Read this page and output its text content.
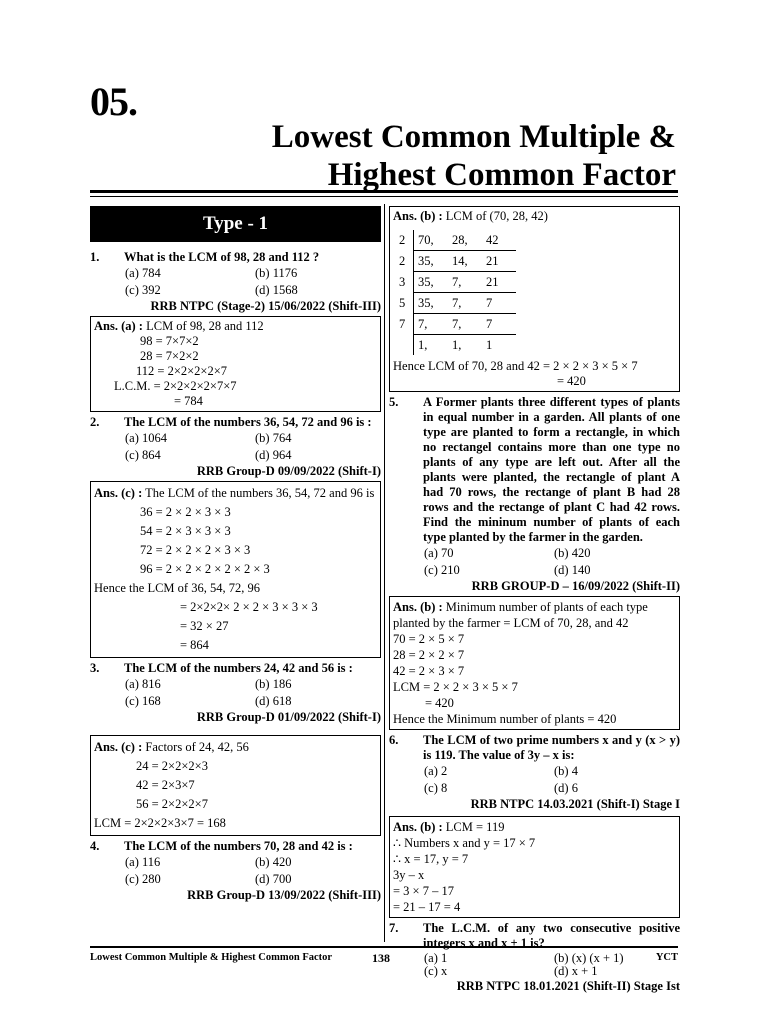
05.
Lowest Common Multiple &
Highest Common Factor
Type - 1
1.	What is the LCM of 98, 28 and 112 ?
(a) 784	(b) 1176
(c) 392	(d) 1568
RRB NTPC (Stage-2) 15/06/2022 (Shift-III)
Ans. (a) : LCM of 98, 28 and 112
98 = 7×7×2
28 = 7×2×2
112 = 2×2×2×2×7
L.C.M. = 2×2×2×2×7×7
= 784
2.	The LCM of the numbers 36, 54, 72 and 96 is :
(a) 1064	(b) 764
(c) 864	(d) 964
RRB Group-D 09/09/2022 (Shift-I)
Ans. (c) : The LCM of the numbers 36, 54, 72 and 96 is
36 = 2 × 2 × 3 × 3
54 = 2 × 3 × 3 × 3
72 = 2 × 2 × 2 × 3 × 3
96 = 2 × 2 × 2 × 2 × 2 × 3
Hence the LCM of 36, 54, 72, 96
= 2×2×2× 2 × 2 × 3 × 3 × 3
= 32 × 27
= 864
3.	The LCM of the numbers 24, 42 and 56 is :
(a) 816	(b) 186
(c) 168	(d) 618
RRB Group-D 01/09/2022 (Shift-I)
Ans. (c) : Factors of 24, 42, 56
24 = 2×2×2×3
42 = 2×3×7
56 = 2×2×2×7
LCM = 2×2×2×3×7 = 168
4.	The LCM of the numbers 70, 28 and 42 is :
(a) 116	(b) 420
(c) 280	(d) 700
RRB Group-D 13/09/2022 (Shift-III)
Ans. (b) : LCM of (70, 28, 42)
2	70,	28,	42
2	35,	14,	21
3	35,	7,	21
5	35,	7,	7
7	7,	7,	7
	1,	1,	1
Hence LCM of 70, 28 and 42 = 2 × 2 × 3 × 5 × 7
= 420
5.	A Former plants three different types of plants in equal number in a garden. All plants of one type are planted to form a rectangle, in which no rectangel contains more than one type no plants of any type are left out. After all the plants were planted, the rectangle of plant A had 70 rows, the rectange of plant B had 28 rows and the rectange of plant C had 42 rows. Find the mininum number of plants of each type planted by the farmer in the garden.
(a) 70	(b) 420
(c) 210	(d) 140
RRB GROUP-D – 16/09/2022 (Shift-II)
Ans. (b) : Minimum number of plants of each type planted by the farmer = LCM of 70, 28, and 42
70 = 2 × 5 × 7
28 = 2 × 2 × 7
42 = 2 × 3 × 7
LCM = 2 × 2 × 3 × 5 × 7
= 420
Hence the Minimum number of plants = 420
6.	The LCM of two prime numbers x and y (x > y) is 119. The value of 3y – x is:
(a) 2	(b) 4
(c) 8	(d) 6
RRB NTPC 14.03.2021 (Shift-I) Stage I
Ans. (b) : LCM = 119
∴ Numbers x and y = 17 × 7
∴ x = 17, y = 7
3y – x
= 3 × 7 – 17
= 21 – 17 = 4
7.	The L.C.M. of any two consecutive positive integers x and x + 1 is?
(a) 1	(b) (x) (x + 1)
(c) x	(d) x + 1
RRB NTPC 18.01.2021 (Shift-II) Stage Ist
Lowest Common Multiple & Highest Common Factor	138	YCT
